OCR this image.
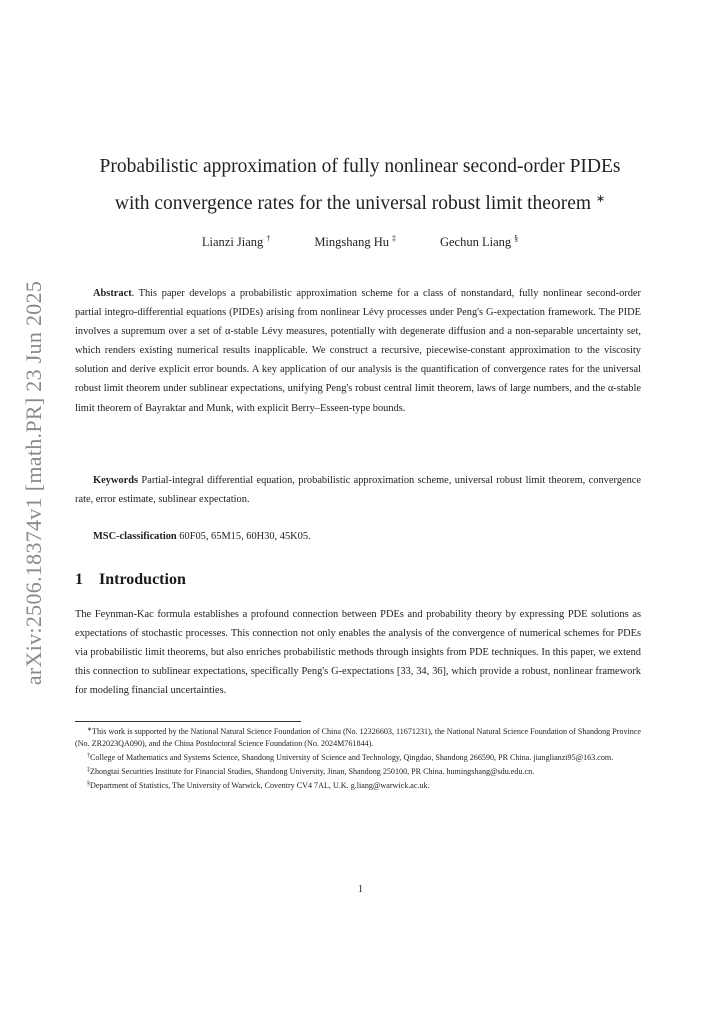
arXiv:2506.18374v1 [math.PR] 23 Jun 2025
Probabilistic approximation of fully nonlinear second-order PIDEs
with convergence rates for the universal robust limit theorem ∗
Lianzi Jiang †	Mingshang Hu ‡	Gechun Liang §
Abstract. This paper develops a probabilistic approximation scheme for a class of nonstandard, fully nonlinear second-order partial integro-differential equations (PIDEs) arising from nonlinear Lévy processes under Peng's G-expectation framework. The PIDE involves a supremum over a set of α-stable Lévy measures, potentially with degenerate diffusion and a non-separable uncertainty set, which renders existing numerical results inapplicable. We construct a recursive, piecewise-constant approximation to the viscosity solution and derive explicit error bounds. A key application of our analysis is the quantification of convergence rates for the universal robust limit theorem under sublinear expectations, unifying Peng's robust central limit theorem, laws of large numbers, and the α-stable limit theorem of Bayraktar and Munk, with explicit Berry–Esseen-type bounds.
Keywords Partial-integral differential equation, probabilistic approximation scheme, universal robust limit theorem, convergence rate, error estimate, sublinear expectation.
MSC-classification 60F05, 65M15, 60H30, 45K05.
1 Introduction
The Feynman-Kac formula establishes a profound connection between PDEs and probability theory by expressing PDE solutions as expectations of stochastic processes. This connection not only enables the analysis of the convergence of numerical schemes for PDEs via probabilistic limit theorems, but also enriches probabilistic methods through insights from PDE techniques. In this paper, we extend this connection to sublinear expectations, specifically Peng's G-expectations [33, 34, 36], which provide a robust, nonlinear framework for modeling financial uncertainties.

∗This work is supported by the National Natural Science Foundation of China (No. 12326603, 11671231), the National Natural Science Foundation of Shandong Province (No. ZR2023QA090), and the China Postdoctoral Science Foundation (No. 2024M761844).

†College of Mathematics and Systems Science, Shandong University of Science and Technology, Qingdao, Shandong 266590, PR China. jianglianzi95@163.com.

‡Zhongtai Securities Institute for Financial Studies, Shandong University, Jinan, Shandong 250100, PR China. humingshang@sdu.edu.cn.

§Department of Statistics, The University of Warwick, Coventry CV4 7AL, U.K. g.liang@warwick.ac.uk.

1
